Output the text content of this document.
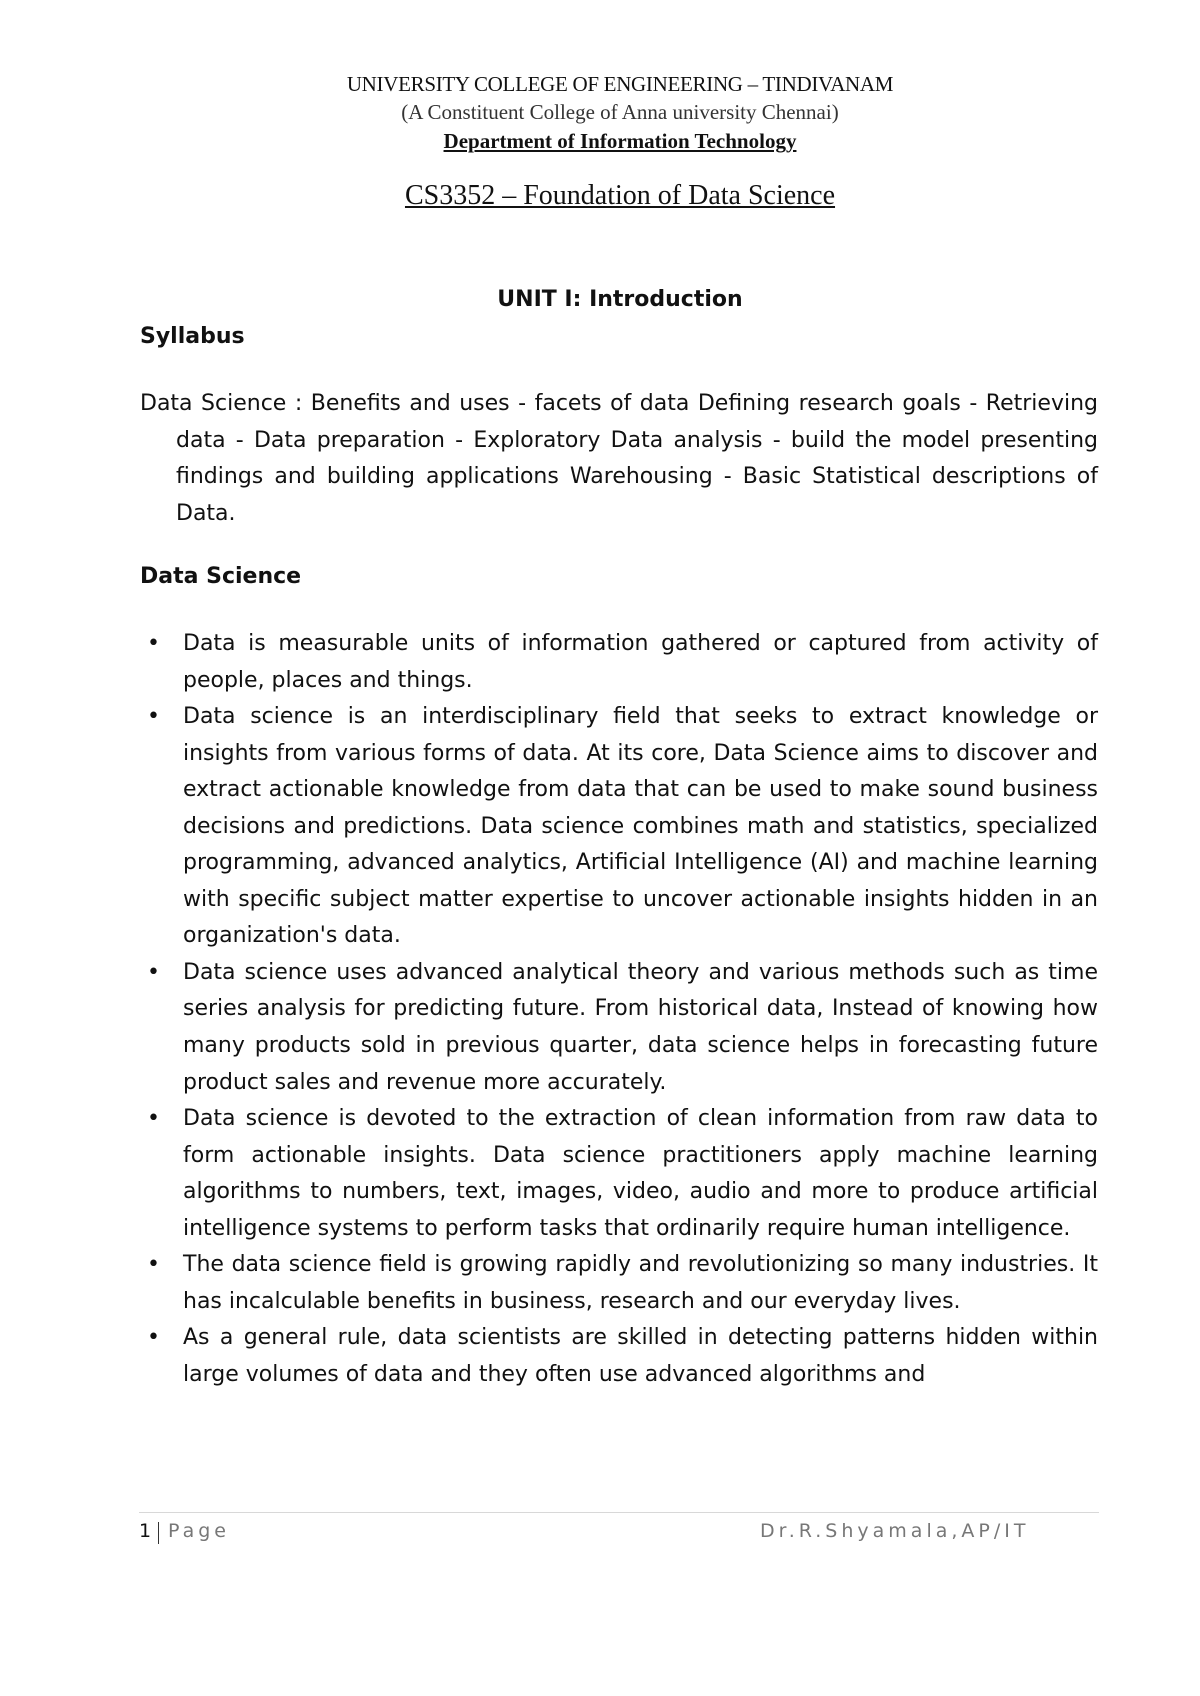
UNIVERSITY COLLEGE OF ENGINEERING – TINDIVANAM
(A Constituent College of Anna university Chennai)
Department of Information Technology
CS3352 – Foundation of Data Science
UNIT I: Introduction
Syllabus
Data Science : Benefits and uses - facets of data Defining research goals - Retrieving data - Data preparation - Exploratory Data analysis - build the model presenting findings and building applications Warehousing - Basic Statistical descriptions of Data.
Data Science
• Data is measurable units of information gathered or captured from activity of people, places and things.
• Data science is an interdisciplinary field that seeks to extract knowledge or insights from various forms of data. At its core, Data Science aims to discover and extract actionable knowledge from data that can be used to make sound business decisions and predictions. Data science combines math and statistics, specialized programming, advanced analytics, Artificial Intelligence (AI) and machine learning with specific subject matter expertise to uncover actionable insights hidden in an organization's data.
• Data science uses advanced analytical theory and various methods such as time series analysis for predicting future. From historical data, Instead of knowing how many products sold in previous quarter, data science helps in forecasting future product sales and revenue more accurately.
• Data science is devoted to the extraction of clean information from raw data to form actionable insights. Data science practitioners apply machine learning algorithms to numbers, text, images, video, audio and more to produce artificial intelligence systems to perform tasks that ordinarily require human intelligence.
• The data science field is growing rapidly and revolutionizing so many industries. It has incalculable benefits in business, research and our everyday lives.
• As a general rule, data scientists are skilled in detecting patterns hidden within large volumes of data and they often use advanced algorithms and
1 Page	Dr.R.Shyamala,AP/IT
